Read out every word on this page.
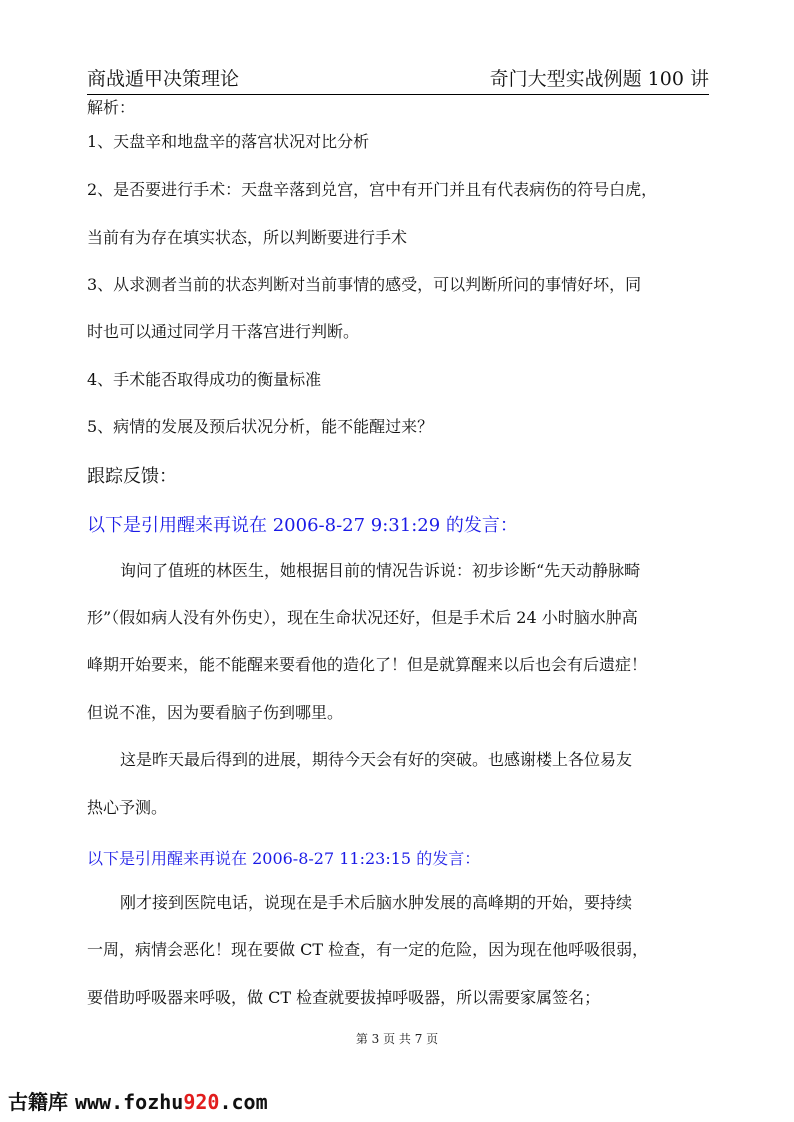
商战遁甲决策理论	奇门大型实战例题 100 讲
解析：
1、天盘辛和地盘辛的落宫状况对比分析
2、是否要进行手术：天盘辛落到兑宫，宫中有开门并且有代表病伤的符号白虎，
当前有为存在填实状态，所以判断要进行手术
3、从求测者当前的状态判断对当前事情的感受，可以判断所问的事情好坏，同
时也可以通过同学月干落宫进行判断。
4、手术能否取得成功的衡量标准
5、病情的发展及预后状况分析，能不能醒过来？
跟踪反馈：
以下是引用醒来再说在 2006-8-27 9:31:29 的发言：
询问了值班的林医生，她根据目前的情况告诉说：初步诊断“先天动静脉畸
形”（假如病人没有外伤史），现在生命状况还好，但是手术后 24 小时脑水肿高
峰期开始要来，能不能醒来要看他的造化了！但是就算醒来以后也会有后遗症！
但说不准，因为要看脑子伤到哪里。
这是昨天最后得到的进展，期待今天会有好的突破。也感谢楼上各位易友
热心予测。
以下是引用醒来再说在 2006-8-27 11:23:15 的发言：
刚才接到医院电话，说现在是手术后脑水肿发展的高峰期的开始，要持续
一周，病情会恶化！现在要做 CT 检查，有一定的危险，因为现在他呼吸很弱，
要借助呼吸器来呼吸，做 CT 检查就要拔掉呼吸器，所以需要家属签名；
第 3 页 共 7 页
古籍库 www.fozhu920.com
